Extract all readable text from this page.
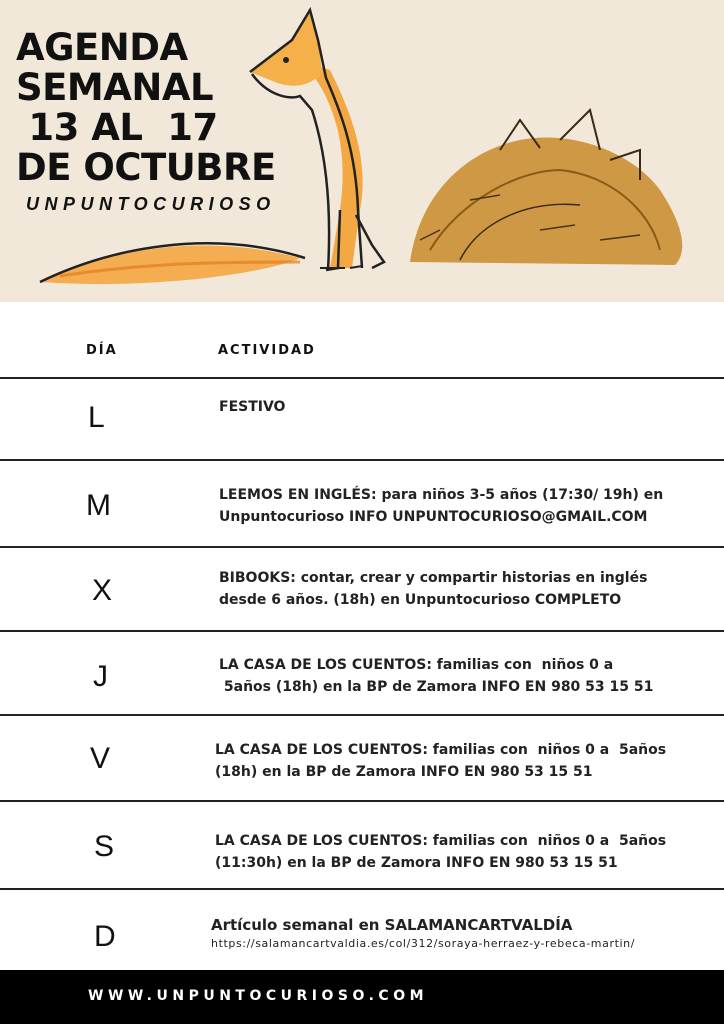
AGENDA
SEMANAL
13 AL  17
DE OCTUBRE
UNPUNTOCURIOSO
DÍA	ACTIVIDAD
L	FESTIVO
M	LEEMOS EN INGLÉS: para niños 3-5 años (17:30/ 19h) en
Unpuntocurioso INFO UNPUNTOCURIOSO@GMAIL.COM
X	BIBOOKS: contar, crear y compartir historias en inglés
desde 6 años. (18h) en Unpuntocurioso COMPLETO
J	LA CASA DE LOS CUENTOS: familias con  niños 0 a
5años (18h) en la BP de Zamora INFO EN 980 53 15 51
V	LA CASA DE LOS CUENTOS: familias con  niños 0 a  5años
(18h) en la BP de Zamora INFO EN 980 53 15 51
S	LA CASA DE LOS CUENTOS: familias con  niños 0 a  5años
(11:30h) en la BP de Zamora INFO EN 980 53 15 51
D	Artículo semanal en SALAMANCARTVALDÍA
https://salamancartvaldia.es/col/312/soraya-herraez-y-rebeca-martin/
WWW.UNPUNTOCURIOSO.COM
